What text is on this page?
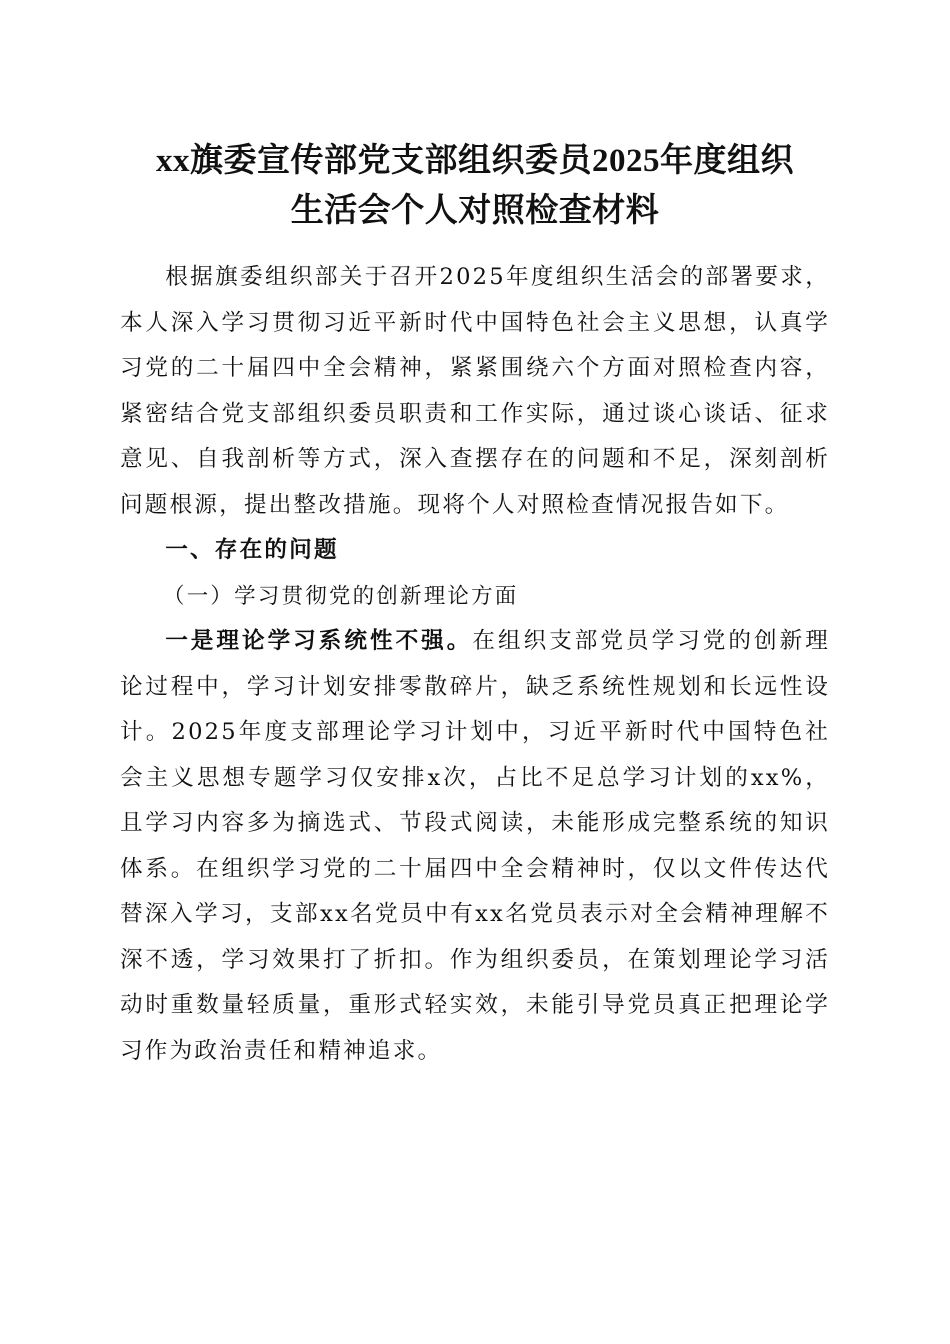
xx旗委宣传部党支部组织委员2025年度组织
生活会个人对照检查材料

根据旗委组织部关于召开2025年度组织生活会的部署要求，本人深入学习贯彻习近平新时代中国特色社会主义思想，认真学习党的二十届四中全会精神，紧紧围绕六个方面对照检查内容，紧密结合党支部组织委员职责和工作实际，通过谈心谈话、征求意见、自我剖析等方式，深入查摆存在的问题和不足，深刻剖析问题根源，提出整改措施。现将个人对照检查情况报告如下。

一、存在的问题

（一）学习贯彻党的创新理论方面

一是理论学习系统性不强。在组织支部党员学习党的创新理论过程中，学习计划安排零散碎片，缺乏系统性规划和长远性设计。2025年度支部理论学习计划中，习近平新时代中国特色社会主义思想专题学习仅安排x次，占比不足总学习计划的xx%，且学习内容多为摘选式、节段式阅读，未能形成完整系统的知识体系。在组织学习党的二十届四中全会精神时，仅以文件传达代替深入学习，支部xx名党员中有xx名党员表示对全会精神理解不深不透，学习效果打了折扣。作为组织委员，在策划理论学习活动时重数量轻质量，重形式轻实效，未能引导党员真正把理论学习作为政治责任和精神追求。
